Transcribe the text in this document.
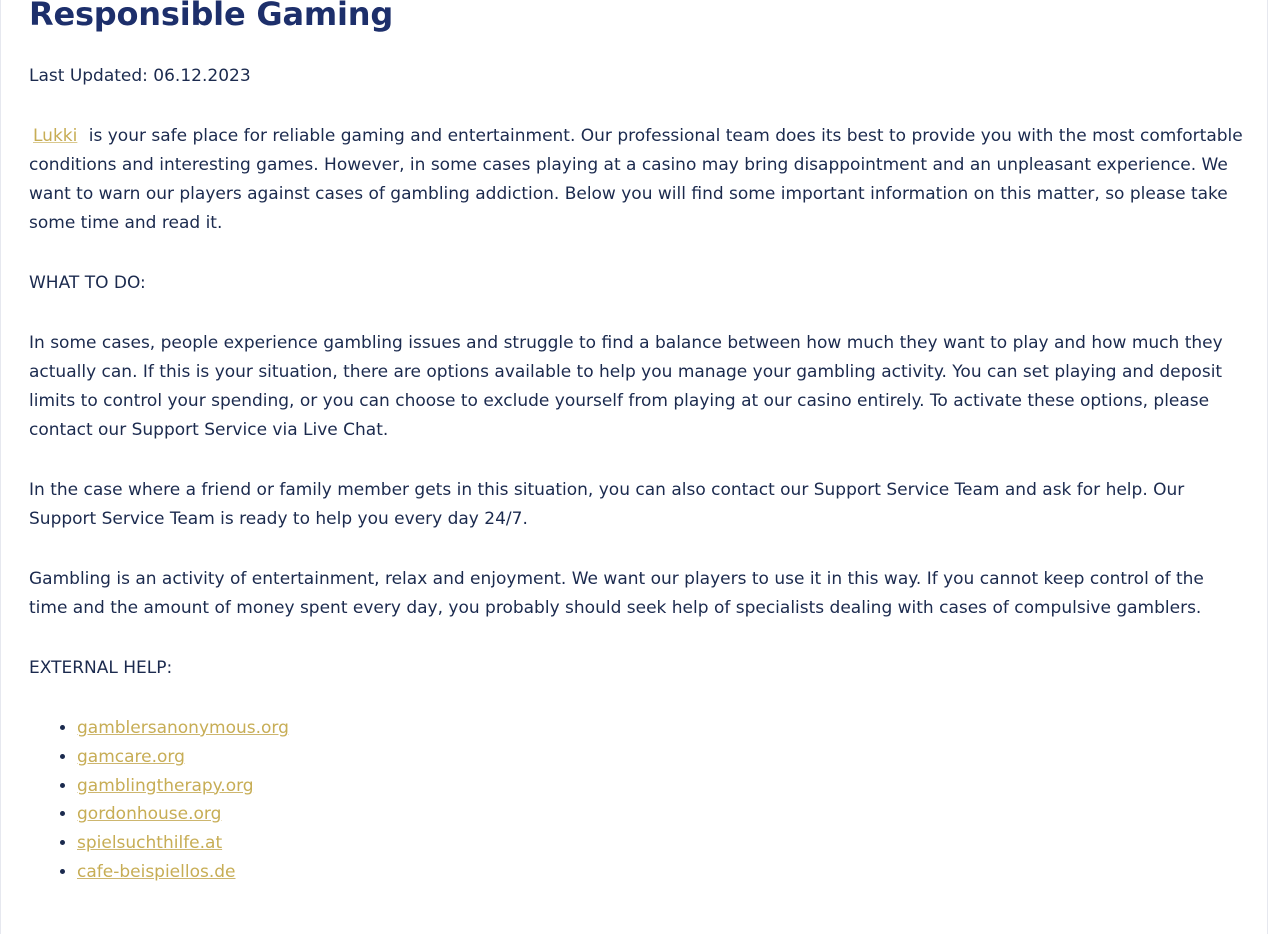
Responsible Gaming

Last Updated: 06.12.2023

Lukki is your safe place for reliable gaming and entertainment. Our professional team does its best to provide you with the most comfortable conditions and interesting games. However, in some cases playing at a casino may bring disappointment and an unpleasant experience. We want to warn our players against cases of gambling addiction. Below you will find some important information on this matter, so please take some time and read it.

WHAT TO DO:

In some cases, people experience gambling issues and struggle to find a balance between how much they want to play and how much they actually can. If this is your situation, there are options available to help you manage your gambling activity. You can set playing and deposit limits to control your spending, or you can choose to exclude yourself from playing at our casino entirely. To activate these options, please contact our Support Service via Live Chat.

In the case where a friend or family member gets in this situation, you can also contact our Support Service Team and ask for help. Our Support Service Team is ready to help you every day 24/7.

Gambling is an activity of entertainment, relax and enjoyment. We want our players to use it in this way. If you cannot keep control of the time and the amount of money spent every day, you probably should seek help of specialists dealing with cases of compulsive gamblers.

EXTERNAL HELP:

• gamblersanonymous.org
• gamcare.org
• gamblingtherapy.org
• gordonhouse.org
• spielsuchthilfe.at
• cafe-beispiellos.de
